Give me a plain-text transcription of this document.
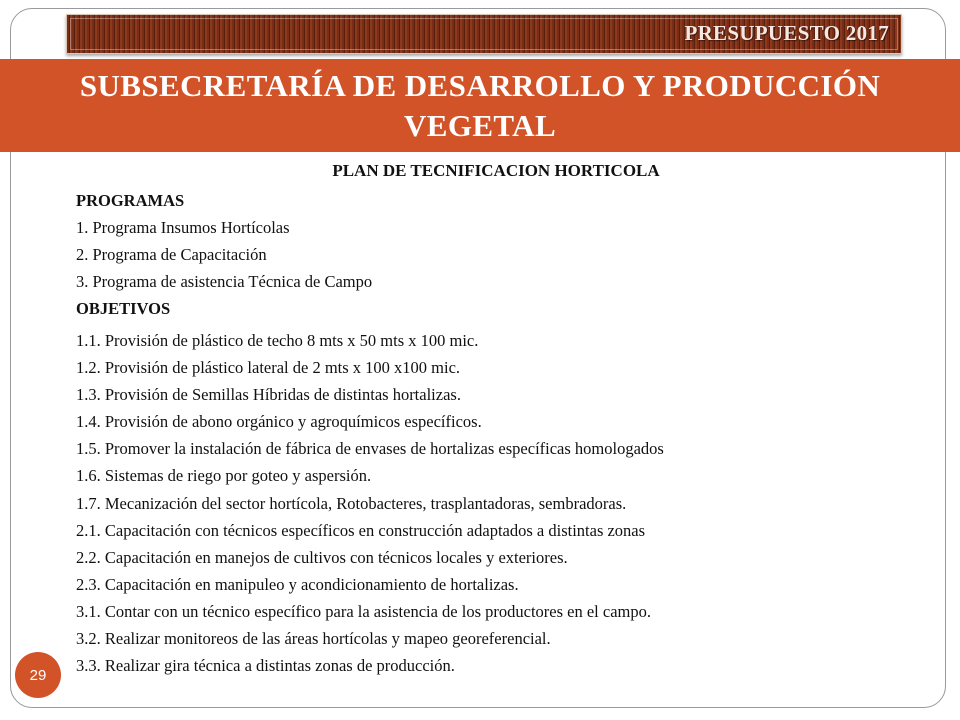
PRESUPUESTO 2017
SUBSECRETARÍA DE DESARROLLO Y PRODUCCIÓN VEGETAL
PLAN DE TECNIFICACION HORTICOLA
PROGRAMAS
1. Programa Insumos Hortícolas
2. Programa de Capacitación
3. Programa de asistencia Técnica de Campo
OBJETIVOS
1.1. Provisión de plástico de techo 8 mts x 50 mts x 100 mic.
1.2. Provisión de plástico lateral de 2 mts x 100 x100 mic.
1.3. Provisión de Semillas Híbridas de distintas hortalizas.
1.4. Provisión de abono orgánico y agroquímicos específicos.
1.5. Promover la instalación de fábrica de envases de hortalizas específicas homologados
1.6. Sistemas de riego por goteo y aspersión.
1.7. Mecanización del sector hortícola, Rotobacteres, trasplantadoras, sembradoras.
2.1. Capacitación con técnicos específicos en construcción adaptados a distintas zonas
2.2. Capacitación en manejos de cultivos con técnicos locales y exteriores.
2.3. Capacitación en manipuleo y acondicionamiento de hortalizas.
3.1. Contar con un técnico específico para la asistencia de los productores en el campo.
3.2. Realizar monitoreos de las áreas hortícolas y mapeo georeferencial.
3.3. Realizar gira técnica a distintas zonas de producción.
29
